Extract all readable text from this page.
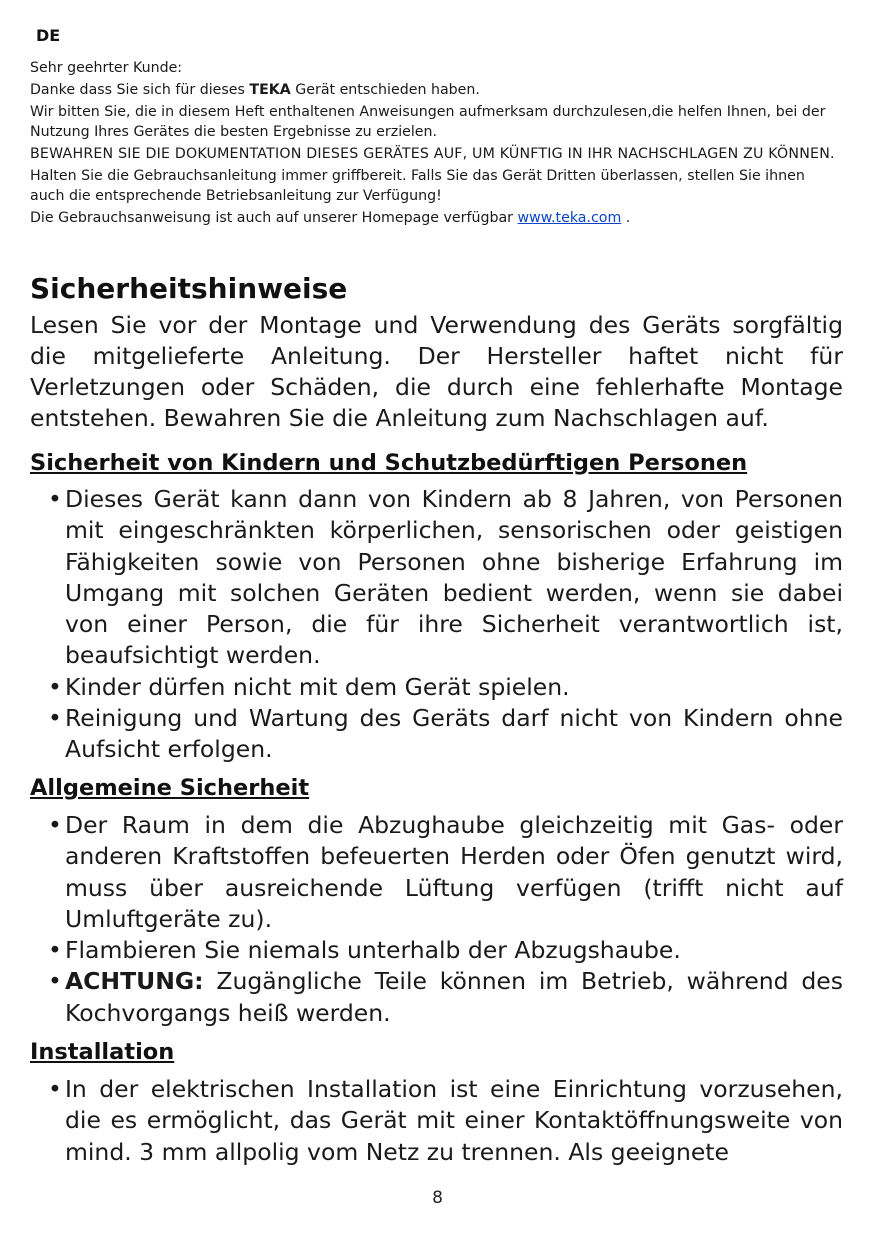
DE

Sehr geehrter Kunde:

Danke dass Sie sich für dieses TEKA Gerät entschieden haben.

Wir bitten Sie, die in diesem Heft enthaltenen Anweisungen aufmerksam durchzulesen,die helfen Ihnen, bei der Nutzung Ihres Gerätes die besten Ergebnisse zu erzielen.

BEWAHREN SIE DIE DOKUMENTATION DIESES GERÄTES AUF, UM KÜNFTIG IN IHR NACHSCHLAGEN ZU KÖNNEN.

Halten Sie die Gebrauchsanleitung immer griffbereit. Falls Sie das Gerät Dritten überlassen, stellen Sie ihnen auch die entsprechende Betriebsanleitung zur Verfügung!

Die Gebrauchsanweisung ist auch auf unserer Homepage verfügbar www.teka.com .

Sicherheitshinweise
Lesen Sie vor der Montage und Verwendung des Geräts sorgfältig die mitgelieferte Anleitung. Der Hersteller haftet nicht für Verletzungen oder Schäden, die durch eine fehlerhafte Montage entstehen. Bewahren Sie die Anleitung zum Nachschlagen auf.
Sicherheit von Kindern und Schutzbedürftigen Personen
• Dieses Gerät kann dann von Kindern ab 8 Jahren, von Personen mit eingeschränkten körperlichen, sensorischen oder geistigen Fähigkeiten sowie von Personen ohne bisherige Erfahrung im Umgang mit solchen Geräten bedient werden, wenn sie dabei von einer Person, die für ihre Sicherheit verantwortlich ist, beaufsichtigt werden.
• Kinder dürfen nicht mit dem Gerät spielen.
• Reinigung und Wartung des Geräts darf nicht von Kindern ohne Aufsicht erfolgen.
Allgemeine Sicherheit
• Der Raum in dem die Abzughaube gleichzeitig mit Gas- oder anderen Kraftstoffen befeuerten Herden oder Öfen genutzt wird, muss über ausreichende Lüftung verfügen (trifft nicht auf Umluftgeräte zu).
• Flambieren Sie niemals unterhalb der Abzugshaube.
• ACHTUNG: Zugängliche Teile können im Betrieb, während des Kochvorgangs heiß werden.
Installation
• In der elektrischen Installation ist eine Einrichtung vorzusehen, die es ermöglicht, das Gerät mit einer Kontaktöffnungsweite von mind. 3 mm allpolig vom Netz zu trennen. Als geeignete
8
